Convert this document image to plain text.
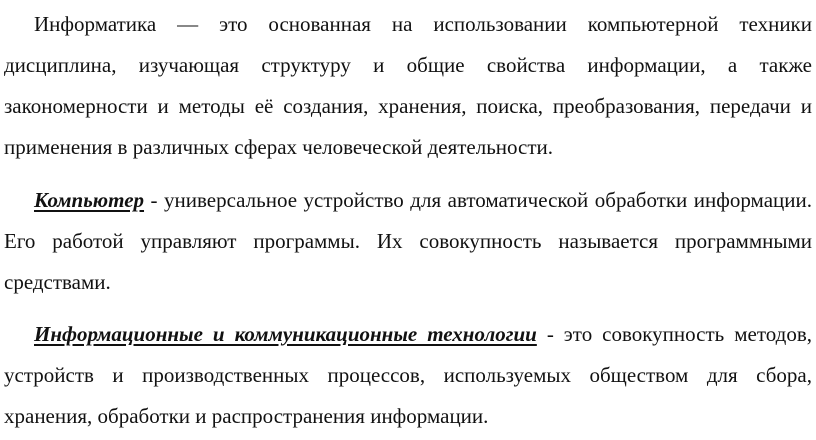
Информатика — это основанная на использовании компьютерной техники дисциплина, изучающая структуру и общие свойства информации, а также закономерности и методы её создания, хранения, поиска, преобразования, передачи и применения в различных сферах человеческой деятельности.

Компьютер - универсальное устройство для автоматической обработки информации. Его работой управляют программы. Их совокупность называется программными средствами.

Информационные и коммуникационные технологии - это совокупность методов, устройств и производственных процессов, используемых обществом для сбора, хранения, обработки и распространения информации.
